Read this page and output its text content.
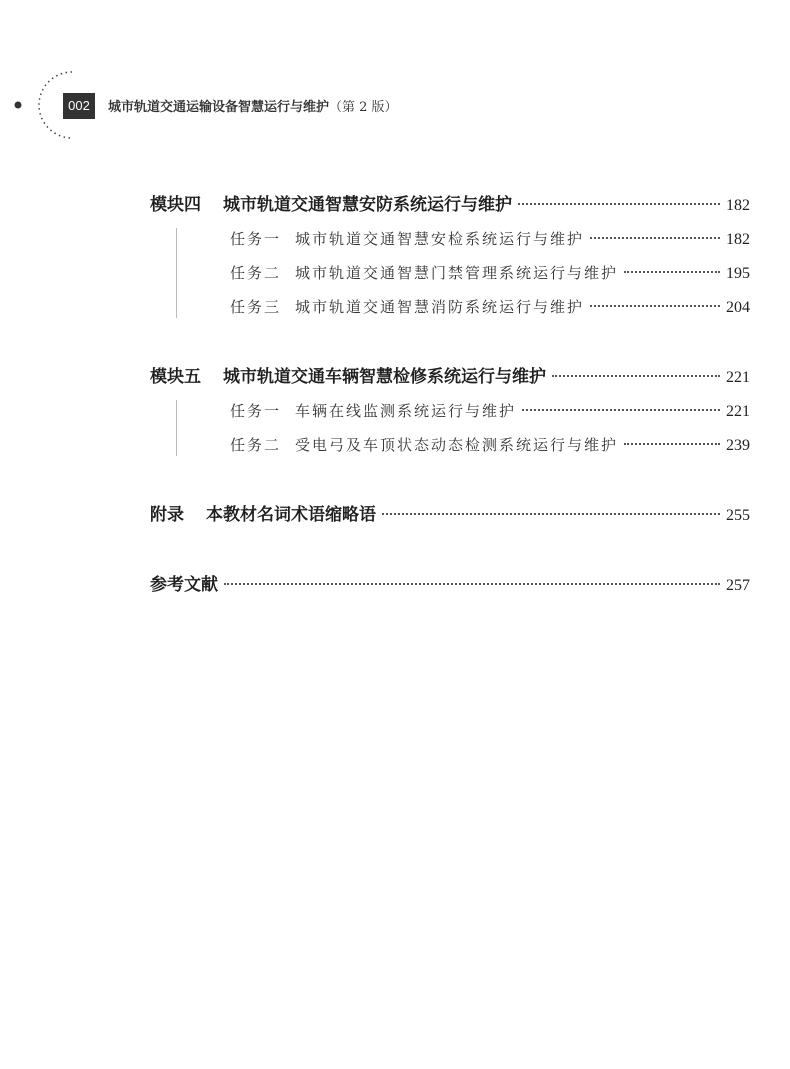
002	城市轨道交通运输设备智慧运行与维护（第 2 版）
模块四 城市轨道交通智慧安防系统运行与维护	182
任务一 城市轨道交通智慧安检系统运行与维护	182
任务二 城市轨道交通智慧门禁管理系统运行与维护	195
任务三 城市轨道交通智慧消防系统运行与维护	204
模块五 城市轨道交通车辆智慧检修系统运行与维护	221
任务一 车辆在线监测系统运行与维护	221
任务二 受电弓及车顶状态动态检测系统运行与维护	239
附录 本教材名词术语缩略语	255
参考文献	257
